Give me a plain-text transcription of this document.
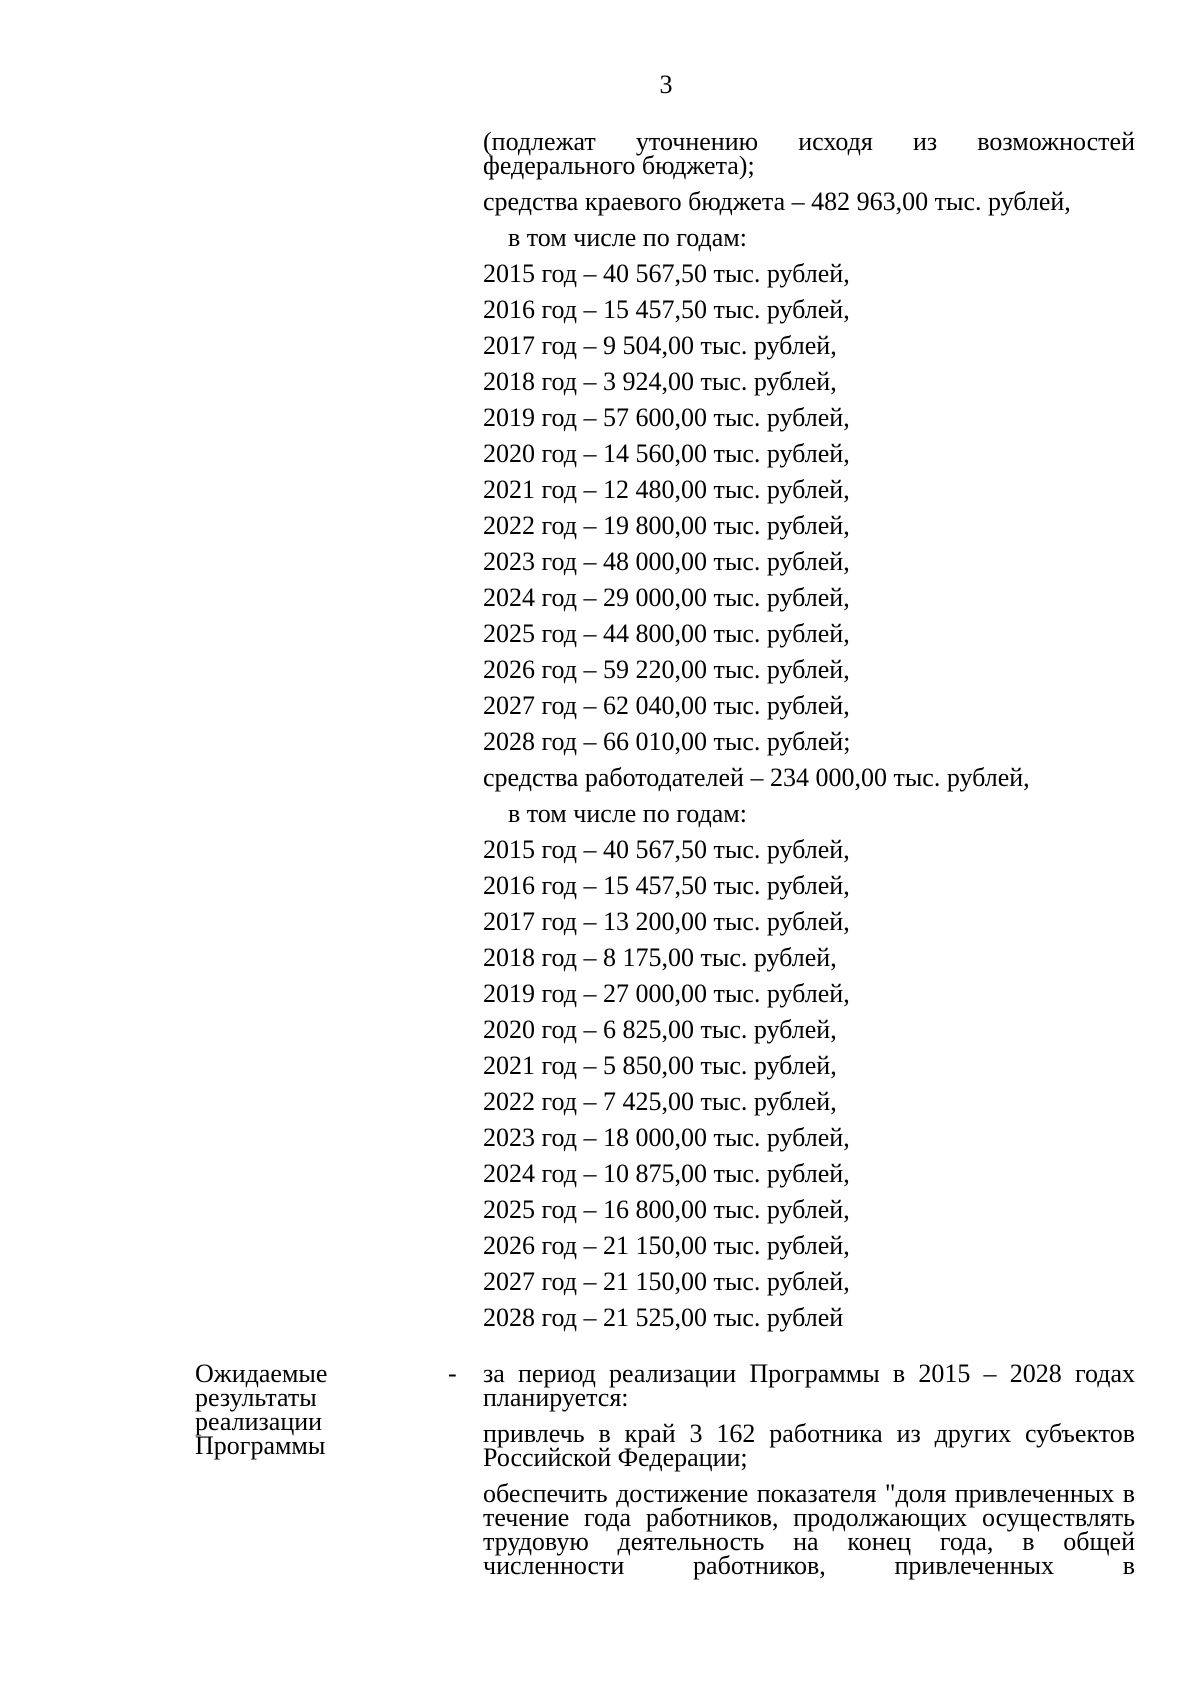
3
(подлежат уточнению исходя из возможностей федерального бюджета);
средства краевого бюджета – 482 963,00 тыс. рублей,
в том числе по годам:
2015 год – 40 567,50 тыс. рублей,
2016 год – 15 457,50 тыс. рублей,
2017 год – 9 504,00 тыс. рублей,
2018 год – 3 924,00 тыс. рублей,
2019 год – 57 600,00 тыс. рублей,
2020 год – 14 560,00 тыс. рублей,
2021 год – 12 480,00 тыс. рублей,
2022 год – 19 800,00 тыс. рублей,
2023 год – 48 000,00 тыс. рублей,
2024 год – 29 000,00 тыс. рублей,
2025 год – 44 800,00 тыс. рублей,
2026 год – 59 220,00 тыс. рублей,
2027 год – 62 040,00 тыс. рублей,
2028 год – 66 010,00 тыс. рублей;
средства работодателей – 234 000,00 тыс. рублей,
в том числе по годам:
2015 год – 40 567,50 тыс. рублей,
2016 год – 15 457,50 тыс. рублей,
2017 год – 13 200,00 тыс. рублей,
2018 год – 8 175,00 тыс. рублей,
2019 год – 27 000,00 тыс. рублей,
2020 год – 6 825,00 тыс. рублей,
2021 год – 5 850,00 тыс. рублей,
2022 год – 7 425,00 тыс. рублей,
2023 год – 18 000,00 тыс. рублей,
2024 год – 10 875,00 тыс. рублей,
2025 год – 16 800,00 тыс. рублей,
2026 год – 21 150,00 тыс. рублей,
2027 год – 21 150,00 тыс. рублей,
2028 год – 21 525,00 тыс. рублей
Ожидаемые результаты реализации Программы
- за период реализации Программы в 2015 – 2028 годах планируется:
привлечь в край 3 162 работника из других субъектов Российской Федерации;
обеспечить достижение показателя "доля привлеченных в течение года работников, продолжающих осуществлять трудовую деятельность на конец года, в общей численности работников, привлеченных в
